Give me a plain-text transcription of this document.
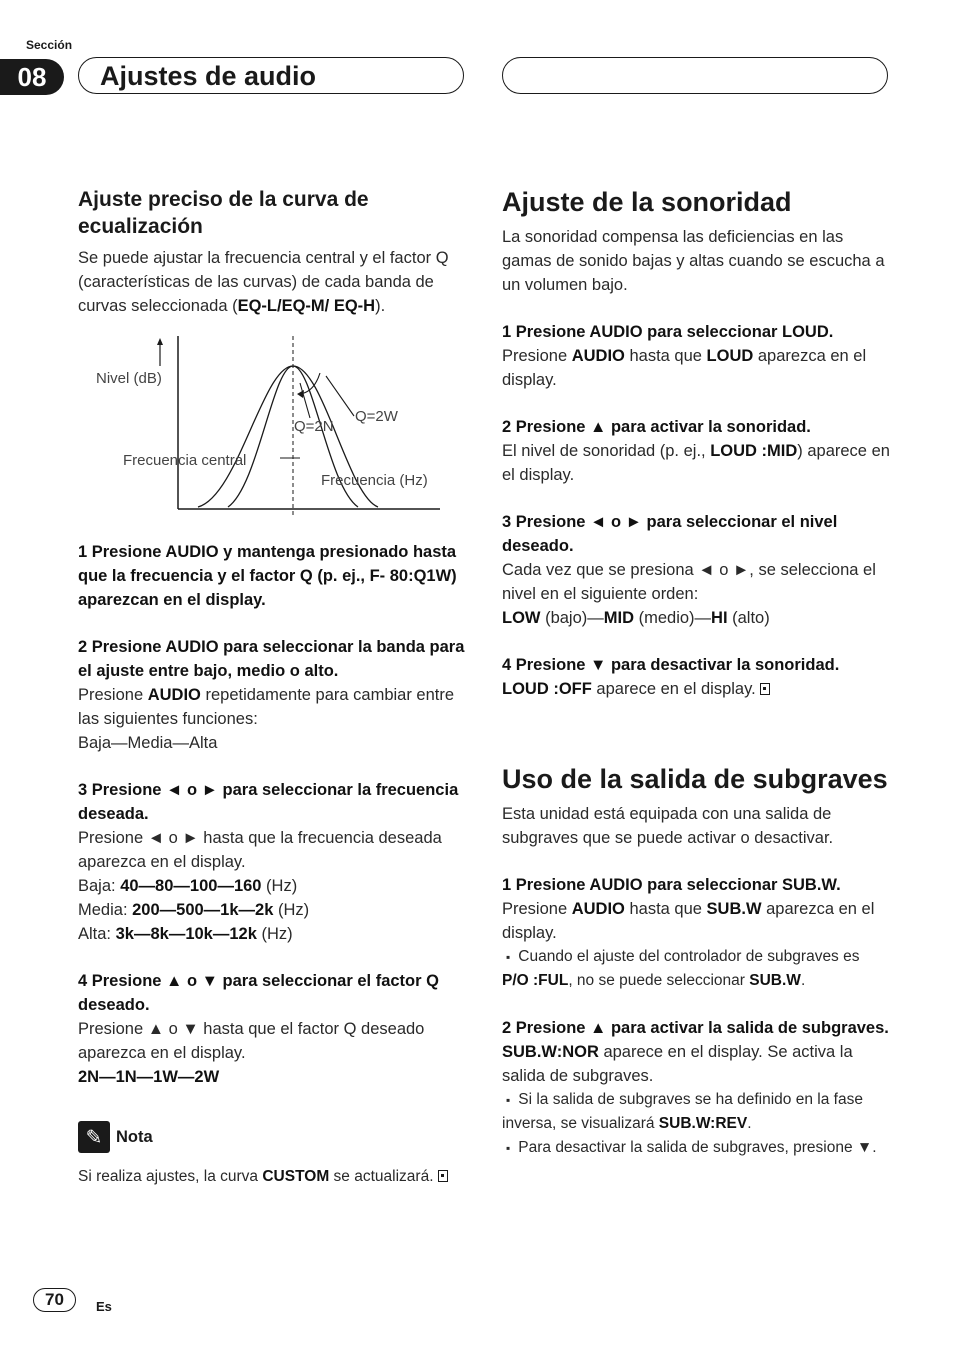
Sección
08	Ajustes de audio
Ajuste preciso de la curva de ecualización

Se puede ajustar la frecuencia central y el factor Q (características de las curvas) de cada banda de curvas seleccionada (EQ-L/EQ-M/ EQ-H).

Nivel (dB)
Q=2N
Q=2W
Frecuencia central
Frecuencia (Hz)

1 Presione AUDIO y mantenga presionado hasta que la frecuencia y el factor Q (p. ej., F- 80:Q1W) aparezcan en el display.

2 Presione AUDIO para seleccionar la banda para el ajuste entre bajo, medio o alto.

Presione AUDIO repetidamente para cambiar entre las siguientes funciones:

Baja—Media—Alta

3 Presione ◄ o ► para seleccionar la frecuencia deseada.

Presione ◄ o ► hasta que la frecuencia deseada aparezca en el display.

Baja: 40—80—100—160 (Hz)

Media: 200—500—1k—2k (Hz)

Alta: 3k—8k—10k—12k (Hz)

4 Presione ▲ o ▼ para seleccionar el factor Q deseado.

Presione ▲ o ▼ hasta que el factor Q deseado aparezca en el display.

2N—1N—1W—2W

✎ Nota

Si realiza ajustes, la curva CUSTOM se actualizará.

Ajuste de la sonoridad

La sonoridad compensa las deficiencias en las gamas de sonido bajas y altas cuando se escucha a un volumen bajo.

1 Presione AUDIO para seleccionar LOUD.

Presione AUDIO hasta que LOUD aparezca en el display.

2 Presione ▲ para activar la sonoridad.

El nivel de sonoridad (p. ej., LOUD :MID) aparece en el display.

3 Presione ◄ o ► para seleccionar el nivel deseado.

Cada vez que se presiona ◄ o ►, se selecciona el nivel en el siguiente orden:

LOW (bajo)—MID (medio)—HI (alto)

4 Presione ▼ para desactivar la sonoridad.

LOUD :OFF aparece en el display.

Uso de la salida de subgraves

Esta unidad está equipada con una salida de subgraves que se puede activar o desactivar.

1 Presione AUDIO para seleccionar SUB.W.

Presione AUDIO hasta que SUB.W aparezca en el display.

▪ Cuando el ajuste del controlador de subgraves es P/O :FUL, no se puede seleccionar SUB.W.

2 Presione ▲ para activar la salida de subgraves.

SUB.W:NOR aparece en el display. Se activa la salida de subgraves.

▪ Si la salida de subgraves se ha definido en la fase inversa, se visualizará SUB.W:REV.

▪ Para desactivar la salida de subgraves, presione ▼.

70	Es
